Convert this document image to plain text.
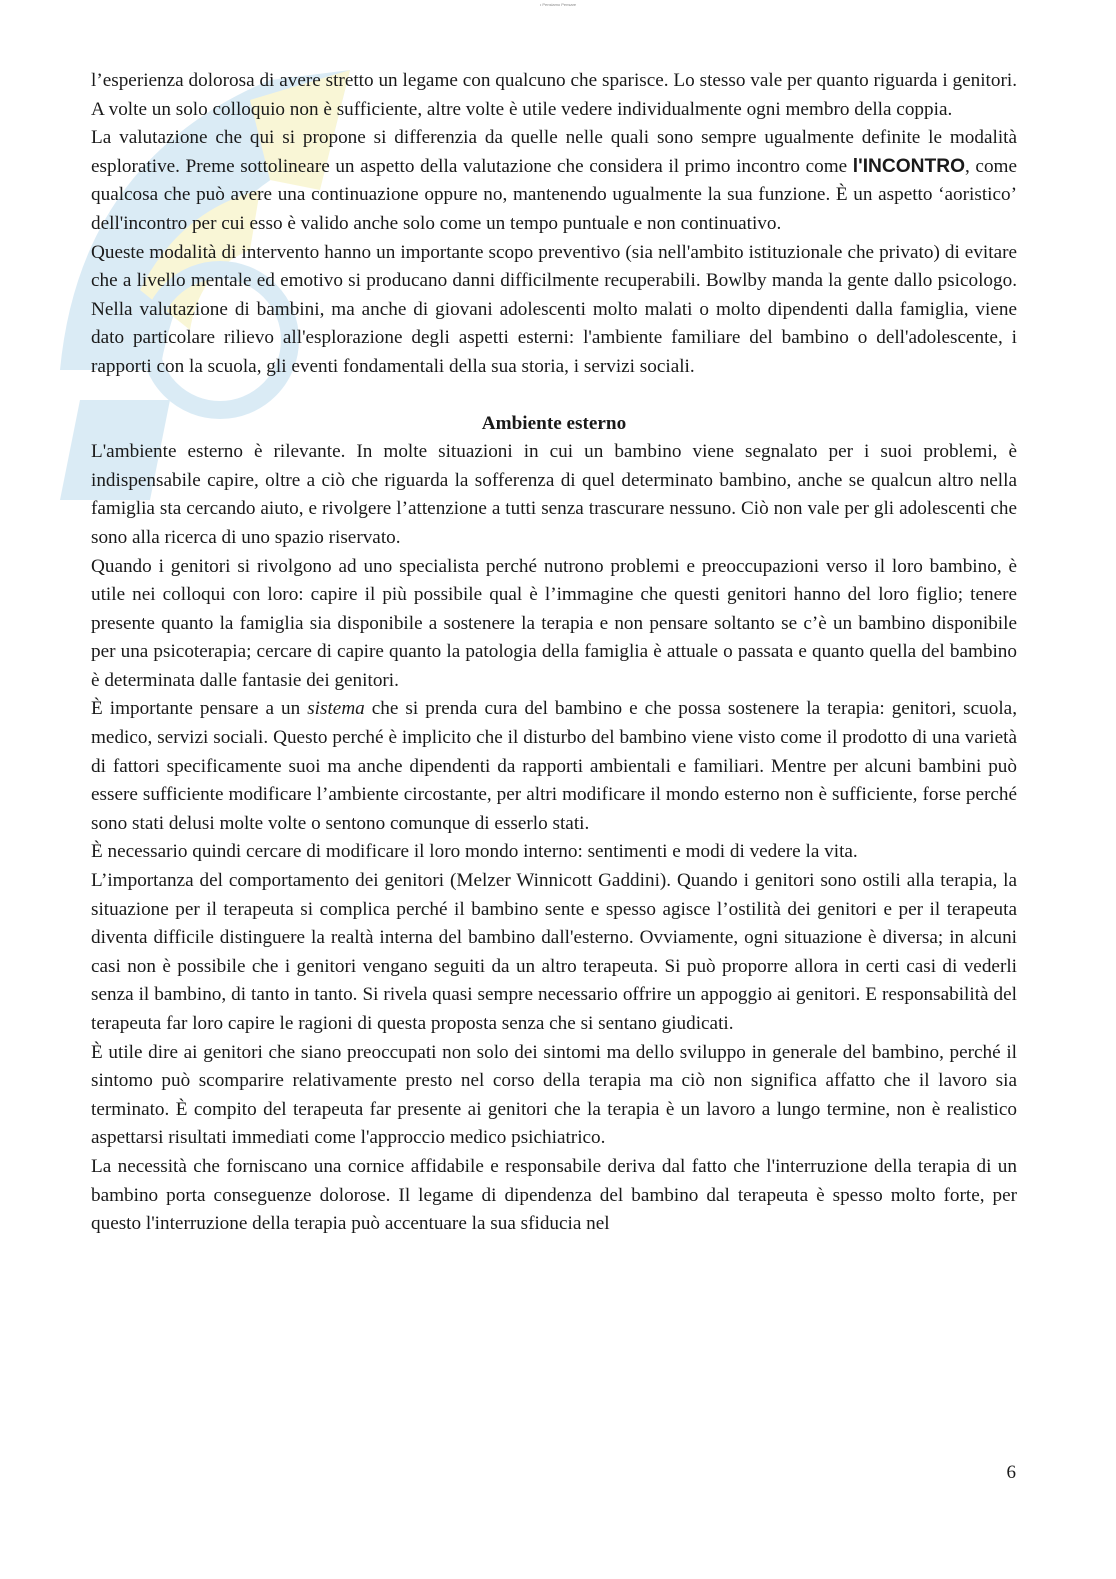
• Pensiamo Pensare

l’esperienza dolorosa di avere stretto un legame con qualcuno che sparisce. Lo stesso vale per quanto riguarda i genitori. A volte un solo colloquio non è sufficiente, altre volte è utile vedere individualmente ogni membro della coppia.

La valutazione che qui si propone si differenzia da quelle nelle quali sono sempre ugualmente definite le modalità esplorative. Preme sottolineare un aspetto della valutazione che considera il primo incontro come l'INCONTRO, come qualcosa che può avere una continuazione oppure no, mantenendo ugualmente la sua funzione. È un aspetto ‘aoristico’ dell'incontro per cui esso è valido anche solo come un tempo puntuale e non continuativo.

Queste modalità di intervento hanno un importante scopo preventivo (sia nell'ambito istituzionale che privato) di evitare che a livello mentale ed emotivo si producano danni difficilmente recuperabili. Bowlby manda la gente dallo psicologo. Nella valutazione di bambini, ma anche di giovani adolescenti molto malati o molto dipendenti dalla famiglia, viene dato particolare rilievo all'esplorazione degli aspetti esterni: l'ambiente familiare del bambino o dell'adolescente, i rapporti con la scuola, gli eventi fondamentali della sua storia, i servizi sociali.

Ambiente esterno

L'ambiente esterno è rilevante. In molte situazioni in cui un bambino viene segnalato per i suoi problemi, è indispensabile capire, oltre a ciò che riguarda la sofferenza di quel determinato bambino, anche se qualcun altro nella famiglia sta cercando aiuto, e rivolgere l’attenzione a tutti senza trascurare nessuno. Ciò non vale per gli adolescenti che sono alla ricerca di uno spazio riservato.

Quando i genitori si rivolgono ad uno specialista perché nutrono problemi e preoccupazioni verso il loro bambino, è utile nei colloqui con loro: capire il più possibile qual è l’immagine che questi genitori hanno del loro figlio; tenere presente quanto la famiglia sia disponibile a sostenere la terapia e non pensare soltanto se c’è un bambino disponibile per una psicoterapia; cercare di capire quanto la patologia della famiglia è attuale o passata e quanto quella del bambino è determinata dalle fantasie dei genitori.

È importante pensare a un sistema che si prenda cura del bambino e che possa sostenere la terapia: genitori, scuola, medico, servizi sociali. Questo perché è implicito che il disturbo del bambino viene visto come il prodotto di una varietà di fattori specificamente suoi ma anche dipendenti da rapporti ambientali e familiari. Mentre per alcuni bambini può essere sufficiente modificare l’ambiente circostante, per altri modificare il mondo esterno non è sufficiente, forse perché sono stati delusi molte volte o sentono comunque di esserlo stati.

È necessario quindi cercare di modificare il loro mondo interno: sentimenti e modi di vedere la vita.

L’importanza del comportamento dei genitori (Melzer Winnicott Gaddini). Quando i genitori sono ostili alla terapia, la situazione per il terapeuta si complica perché il bambino sente e spesso agisce l’ostilità dei genitori e per il terapeuta diventa difficile distinguere la realtà interna del bambino dall'esterno. Ovviamente, ogni situazione è diversa; in alcuni casi non è possibile che i genitori vengano seguiti da un altro terapeuta. Si può proporre allora in certi casi di vederli senza il bambino, di tanto in tanto. Si rivela quasi sempre necessario offrire un appoggio ai genitori. E responsabilità del terapeuta far loro capire le ragioni di questa proposta senza che si sentano giudicati.

È utile dire ai genitori che siano preoccupati non solo dei sintomi ma dello sviluppo in generale del bambino, perché il sintomo può scomparire relativamente presto nel corso della terapia ma ciò non significa affatto che il lavoro sia terminato. È compito del terapeuta far presente ai genitori che la terapia è un lavoro a lungo termine, non è realistico aspettarsi risultati immediati come l'approccio medico psichiatrico.

La necessità che forniscano una cornice affidabile e responsabile deriva dal fatto che l'interruzione della terapia di un bambino porta conseguenze dolorose. Il legame di dipendenza del bambino dal terapeuta è spesso molto forte, per questo l'interruzione della terapia può accentuare la sua sfiducia nel

6
